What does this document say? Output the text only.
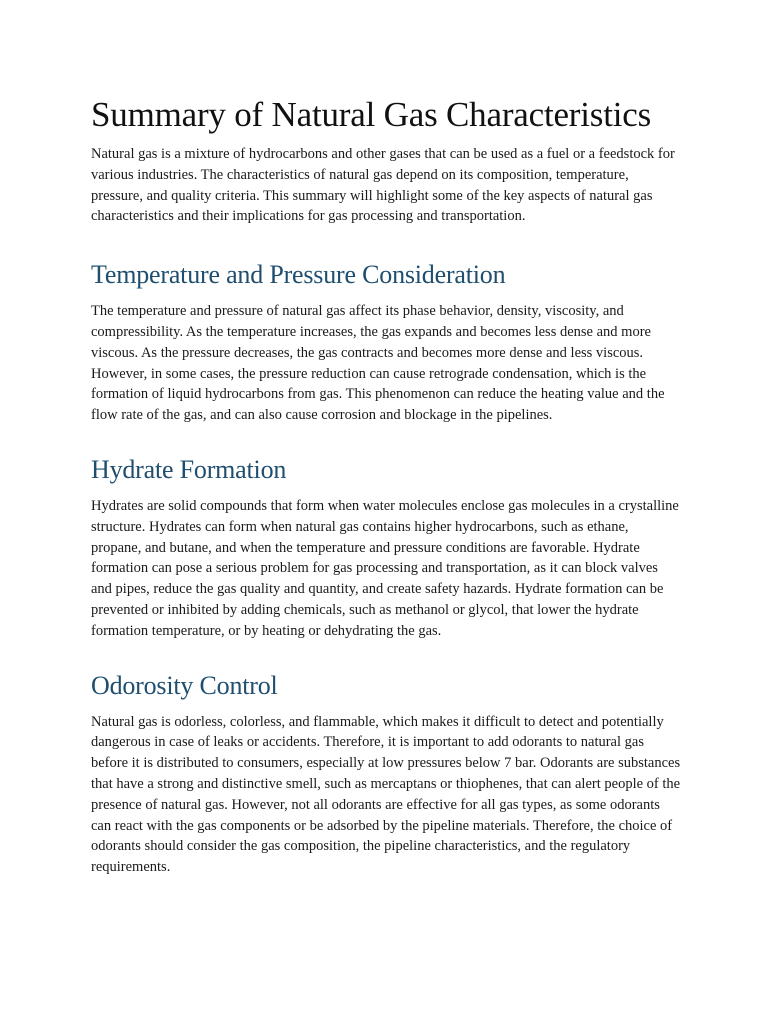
Summary of Natural Gas Characteristics

Natural gas is a mixture of hydrocarbons and other gases that can be used as a fuel or a feedstock for various industries. The characteristics of natural gas depend on its composition, temperature, pressure, and quality criteria. This summary will highlight some of the key aspects of natural gas characteristics and their implications for gas processing and transportation.

Temperature and Pressure Consideration

The temperature and pressure of natural gas affect its phase behavior, density, viscosity, and compressibility. As the temperature increases, the gas expands and becomes less dense and more viscous. As the pressure decreases, the gas contracts and becomes more dense and less viscous. However, in some cases, the pressure reduction can cause retrograde condensation, which is the formation of liquid hydrocarbons from gas. This phenomenon can reduce the heating value and the flow rate of the gas, and can also cause corrosion and blockage in the pipelines.

Hydrate Formation

Hydrates are solid compounds that form when water molecules enclose gas molecules in a crystalline structure. Hydrates can form when natural gas contains higher hydrocarbons, such as ethane, propane, and butane, and when the temperature and pressure conditions are favorable. Hydrate formation can pose a serious problem for gas processing and transportation, as it can block valves and pipes, reduce the gas quality and quantity, and create safety hazards. Hydrate formation can be prevented or inhibited by adding chemicals, such as methanol or glycol, that lower the hydrate formation temperature, or by heating or dehydrating the gas.

Odorosity Control

Natural gas is odorless, colorless, and flammable, which makes it difficult to detect and potentially dangerous in case of leaks or accidents. Therefore, it is important to add odorants to natural gas before it is distributed to consumers, especially at low pressures below 7 bar. Odorants are substances that have a strong and distinctive smell, such as mercaptans or thiophenes, that can alert people of the presence of natural gas. However, not all odorants are effective for all gas types, as some odorants can react with the gas components or be adsorbed by the pipeline materials. Therefore, the choice of odorants should consider the gas composition, the pipeline characteristics, and the regulatory requirements.
